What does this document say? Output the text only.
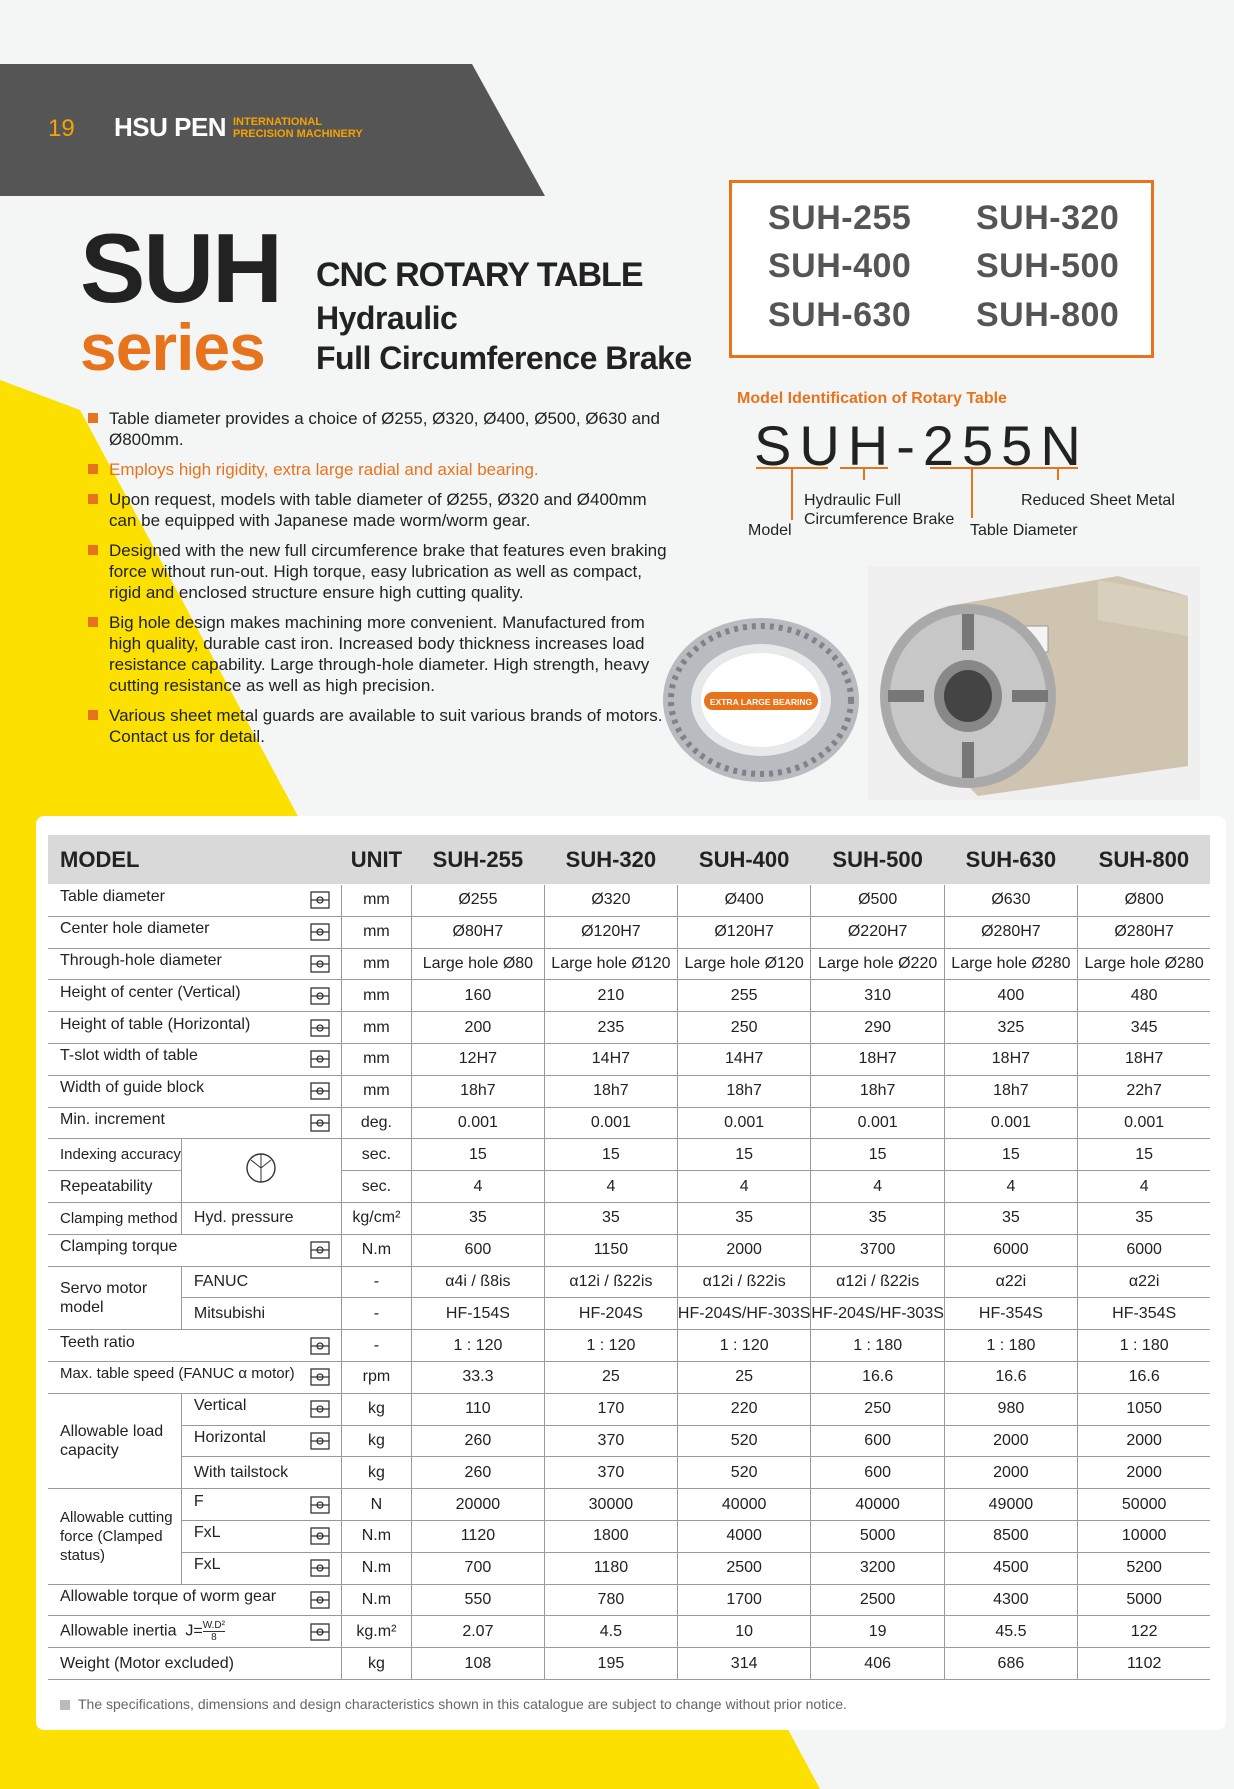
19 HSU PEN INTERNATIONAL
PRECISION MACHINERY
SUH
series
CNC ROTARY TABLE
Hydraulic
Full Circumference Brake
SUH-255 SUH-320
SUH-400 SUH-500
SUH-630 SUH-800
Model Identification of Rotary Table
SUH-255N
Model
Hydraulic Full
Circumference Brake
Table Diameter
Reduced Sheet Metal
Table diameter provides a choice of Ø255, Ø320, Ø400, Ø500, Ø630 and Ø800mm.
Employs high rigidity, extra large radial and axial bearing.
Upon request, models with table diameter of Ø255, Ø320 and Ø400mm can be equipped with Japanese made worm/worm gear.
Designed with the new full circumference brake that features even braking force without run-out. High torque, easy lubrication as well as compact, rigid and enclosed structure ensure high cutting quality.
Big hole design makes machining more convenient. Manufactured from high quality, durable cast iron. Increased body thickness increases load resistance capability. Large through-hole diameter. High strength, heavy cutting resistance as well as high precision.
Various sheet metal guards are available to suit various brands of motors. Contact us for detail.
EXTRA LARGE BEARING
MODEL		UNIT	SUH-255	SUH-320	SUH-400	SUH-500	SUH-630	SUH-800
Table diameter		mm	Ø255	Ø320	Ø400	Ø500	Ø630	Ø800
Center hole diameter		mm	Ø80H7	Ø120H7	Ø120H7	Ø220H7	Ø280H7	Ø280H7
Through-hole diameter		mm	Large hole Ø80	Large hole Ø120	Large hole Ø120	Large hole Ø220	Large hole Ø280	Large hole Ø280
Height of center (Vertical)		mm	160	210	255	310	400	480
Height of table (Horizontal)		mm	200	235	250	290	325	345
T-slot width of table		mm	12H7	14H7	14H7	18H7	18H7	18H7
Width of guide block		mm	18h7	18h7	18h7	18h7	18h7	22h7
Min. increment		deg.	0.001	0.001	0.001	0.001	0.001	0.001
Indexing accuracy		sec.	15	15	15	15	15	15
Repeatability		sec.	4	4	4	4	4	4
Clamping method	Hyd. pressure	kg/cm²	35	35	35	35	35	35
Clamping torque		N.m	600	1150	2000	3700	6000	6000
Servo motor model	FANUC	-	α4i / ß8is	α12i / ß22is	α12i / ß22is	α12i / ß22is	α22i	α22i
	Mitsubishi	-	HF-154S	HF-204S	HF-204S/HF-303S	HF-204S/HF-303S	HF-354S	HF-354S
Teeth ratio		-	1 : 120	1 : 120	1 : 120	1 : 180	1 : 180	1 : 180
Max. table speed (FANUC α motor)		rpm	33.3	25	25	16.6	16.6	16.6
Allowable load capacity	Vertical	kg	110	170	220	250	980	1050
	Horizontal	kg	260	370	520	600	2000	2000
	With tailstock	kg	260	370	520	600	2000	2000
Allowable cutting force (Clamped status)	F	N	20000	30000	40000	40000	49000	50000
	FxL	N.m	1120	1800	4000	5000	8500	10000
	FxL	N.m	700	1180	2500	3200	4500	5200
Allowable torque of worm gear		N.m	550	780	1700	2500	4300	5000
Allowable inertia $J= \frac{\text{W.D²}}{8}$		kg.m²	2.07	4.5	10	19	45.5	122
Weight (Motor excluded)		kg	108	195	314	406	686	1102
The specifications, dimensions and design characteristics shown in this catalogue are subject to change without prior notice.
